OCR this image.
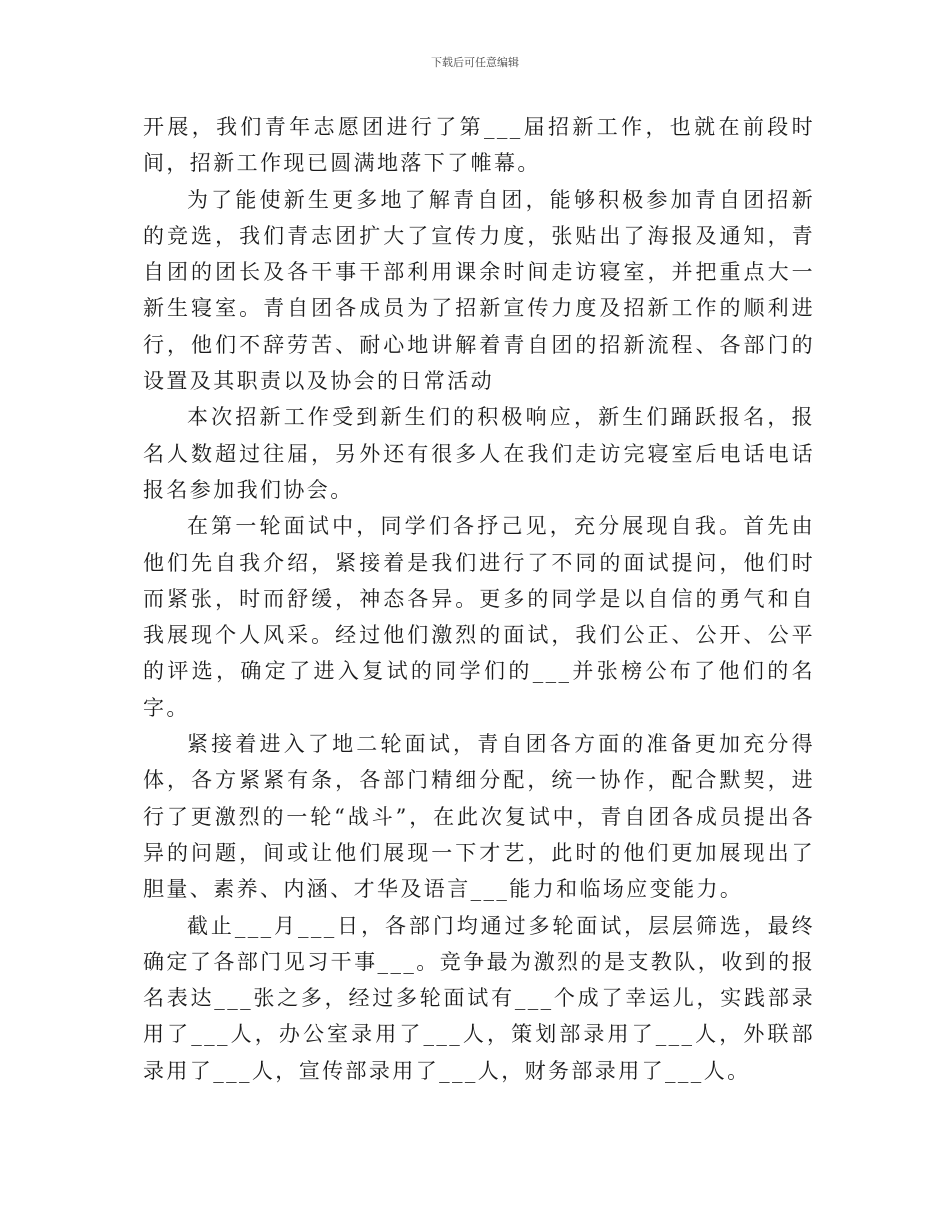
下载后可任意编辑

开展，我们青年志愿团进行了第___届招新工作，也就在前段时间，招新工作现已圆满地落下了帷幕。

为了能使新生更多地了解青自团，能够积极参加青自团招新的竞选，我们青志团扩大了宣传力度，张贴出了海报及通知，青自团的团长及各干事干部利用课余时间走访寝室，并把重点大一新生寝室。青自团各成员为了招新宣传力度及招新工作的顺利进行，他们不辞劳苦、耐心地讲解着青自团的招新流程、各部门的设置及其职责以及协会的日常活动

本次招新工作受到新生们的积极响应，新生们踊跃报名，报名人数超过往届，另外还有很多人在我们走访完寝室后电话电话报名参加我们协会。

在第一轮面试中，同学们各抒己见，充分展现自我。首先由他们先自我介绍，紧接着是我们进行了不同的面试提问，他们时而紧张，时而舒缓，神态各异。更多的同学是以自信的勇气和自我展现个人风采。经过他们激烈的面试，我们公正、公开、公平的评选，确定了进入复试的同学们的___并张榜公布了他们的名字。

紧接着进入了地二轮面试，青自团各方面的准备更加充分得体，各方紧紧有条，各部门精细分配，统一协作，配合默契，进行了更激烈的一轮“战斗”，在此次复试中，青自团各成员提出各异的问题，间或让他们展现一下才艺，此时的他们更加展现出了胆量、素养、内涵、才华及语言___能力和临场应变能力。

截止___月___日，各部门均通过多轮面试，层层筛选，最终确定了各部门见习干事___。竞争最为激烈的是支教队，收到的报名表达___张之多，经过多轮面试有___个成了幸运儿，实践部录用了___人，办公室录用了___人，策划部录用了___人，外联部录用了___人，宣传部录用了___人，财务部录用了___人。
